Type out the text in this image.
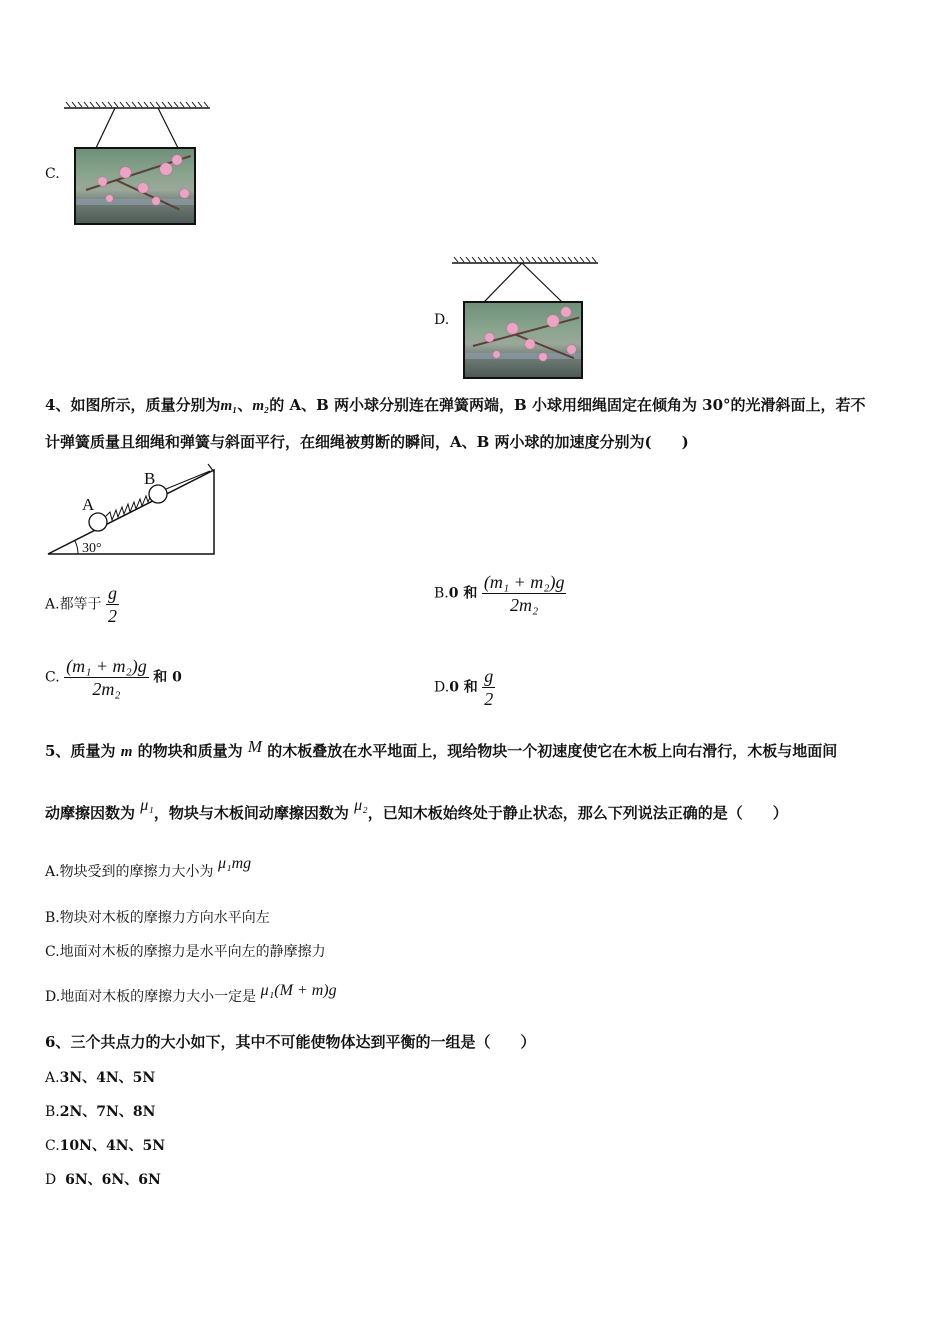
C.
D.
4、如图所示，质量分别为m₁、m₂的 A、B 两小球分别连在弹簧两端，B 小球用细绳固定在倾角为 30°的光滑斜面上，若不
计弹簧质量且细绳和弹簧与斜面平行，在细绳被剪断的瞬间，A、B 两小球的加速度分别为(　　)
30°
A
B
A.都等于 $\frac{g}{2}$	B.0 和 $\frac{\text{(m₁ + m₂)g}}{\text{2m₂}}$
C. $\frac{\text{(m₁ + m₂)g}}{\text{2m₂}}$ 和 0
D.0 和 $\frac{g}{2}$
5、质量为 m 的物块和质量为 M 的木板叠放在水平地面上，现给物块一个初速度使它在木板上向右滑行，木板与地面间
动摩擦因数为 μ₁，物块与木板间动摩擦因数为 μ₂，已知木板始终处于静止状态，那么下列说法正确的是（　　）
A.物块受到的摩擦力大小为 μ₁mg
B.物块对木板的摩擦力方向水平向左
C.地面对木板的摩擦力是水平向左的静摩擦力
D.地面对木板的摩擦力大小一定是 μ₁(M + m)g
6、三个共点力的大小如下，其中不可能使物体达到平衡的一组是（　　）
A.3N、4N、5N
B.2N、7N、8N
C.10N、4N、5N
D 6N、6N、6N
